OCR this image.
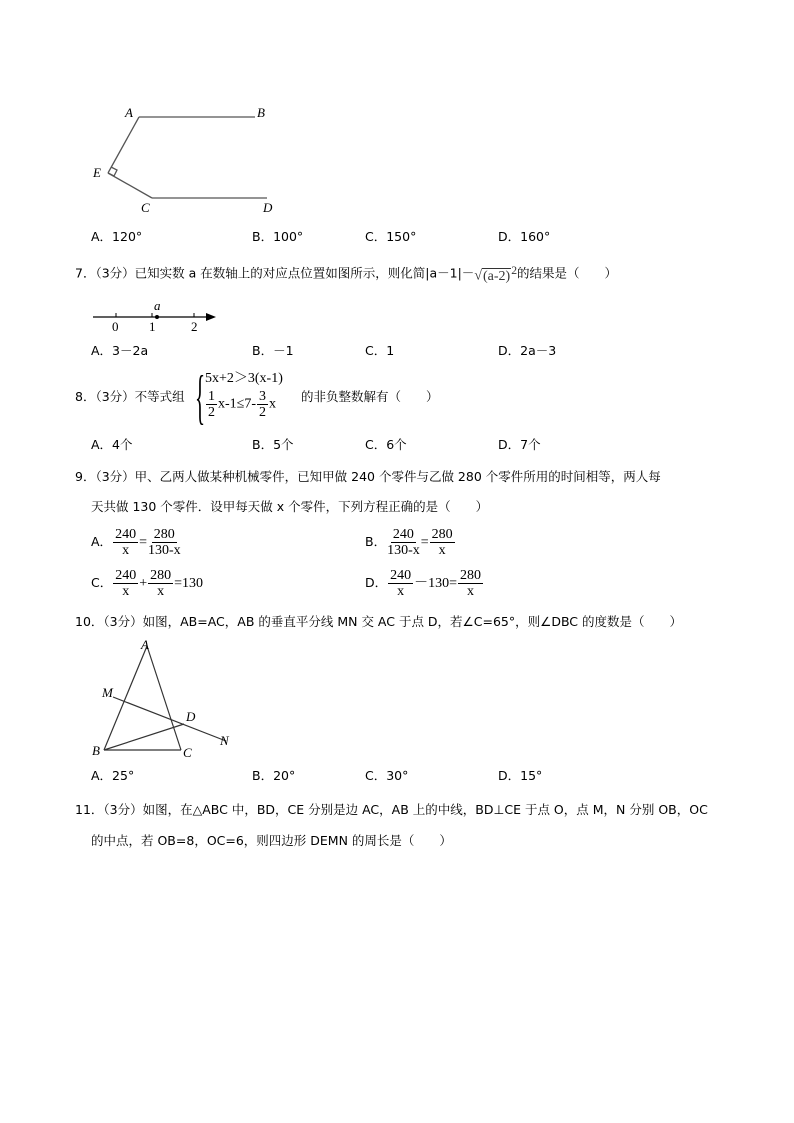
A	B
E
C	D
A．120°	B．100°	C．150°	D．160°
7．（3分）已知实数 a 在数轴上的对应点位置如图所示，则化简$|a-1|-√(a-2)^2$的结果是（　　）
0 1	2
a
A．3－2a	B．－1	C．1	D．2a－3
8．（3分）不等式组 { 5x+2＞3(x-1)
$\frac{1}{2} x-1\le 7- \frac{3}{2}$ x
的非负整数解有（　　）
A．4个	B．5个	C．6个	D．7个
9．（3分）甲、乙两人做某种机械零件，已知甲做 240 个零件与乙做 280 个零件所用的时间相等，两人每
天共做 130 个零件．设甲每天做 x 个零件，下列方程正确的是（　　）
A． $\frac{240}{x} = \frac{280}{130-x}$	B． $\frac{240}{130-x} = \frac{280}{x}$
C． $\frac{240}{x} + \frac{280}{x} =130$	D． $\frac{240}{x} -130= \frac{280}{x}$
10．（3分）如图，AB=AC，AB 的垂直平分线 MN 交 AC 于点 D，若∠C=65°，则∠DBC 的度数是（　　）
A
M
D
N
B	C
A．25°	B．20°	C．30°	D．15°
11．（3分）如图，在△ABC 中，BD，CE 分别是边 AC，AB 上的中线，BD⊥CE 于点 O，点 M，N 分别 OB，OC
的中点，若 OB=8，OC=6，则四边形 DEMN 的周长是（　　）
